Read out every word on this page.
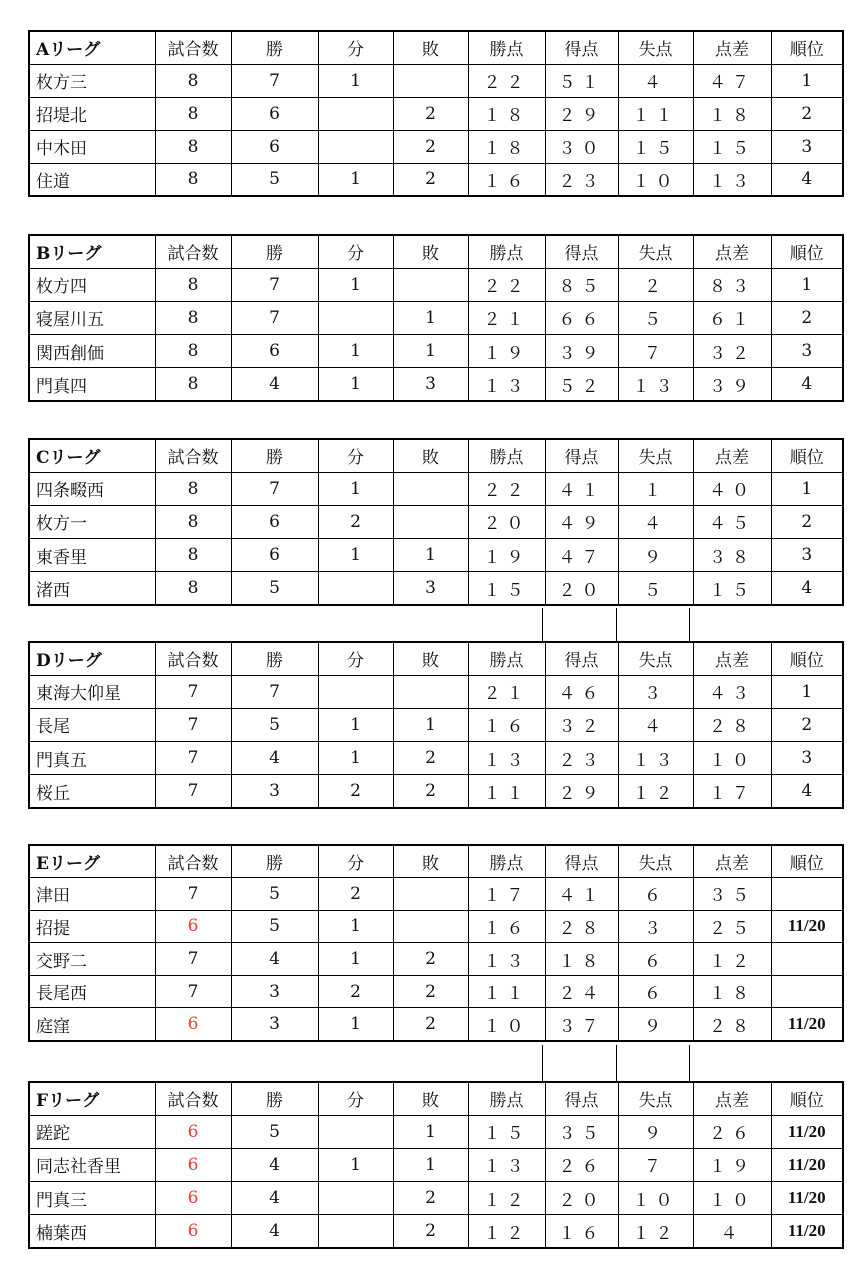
Aリーグ	試合数	勝	分	敗	勝点	得点	失点	点差	順位
枚方三	8	7	1		２２	５１	４	４７	1
招堤北	8	6		2	１８	２９	１１	１８	2
中木田	8	6		2	１８	３０	１５	１５	3
住道	8	5	1	2	１６	２３	１０	１３	4
Bリーグ	試合数	勝	分	敗	勝点	得点	失点	点差	順位
枚方四	8	7	1		２２	８５	２	８３	1
寝屋川五	8	7		1	２１	６６	５	６１	2
関西創価	8	6	1	1	１９	３９	７	３２	3
門真四	8	4	1	3	１３	５２	１３	３９	4
Cリーグ	試合数	勝	分	敗	勝点	得点	失点	点差	順位
四条畷西	8	7	1		２２	４１	１	４０	1
枚方一	8	6	2		２０	４９	４	４５	2
東香里	8	6	1	1	１９	４７	９	３８	3
渚西	8	5		3	１５	２０	５	１５	4
Dリーグ	試合数	勝	分	敗	勝点	得点	失点	点差	順位
東海大仰星	7	7			２１	４６	３	４３	1
長尾	7	5	1	1	１６	３２	４	２８	2
門真五	7	4	1	2	１３	２３	１３	１０	3
桜丘	7	3	2	2	１１	２９	１２	１７	4
Eリーグ	試合数	勝	分	敗	勝点	得点	失点	点差	順位
津田	7	5	2		１７	４１	６	３５	
招提	6	5	1		１６	２８	３	２５	11/20
交野二	7	4	1	2	１３	１８	６	１２	
長尾西	7	3	2	2	１１	２４	６	１８	
庭窪	6	3	1	2	１０	３７	９	２８	11/20
Fリーグ	試合数	勝	分	敗	勝点	得点	失点	点差	順位
蹉跎	6	5		1	１５	３５	９	２６	11/20
同志社香里	6	4	1	1	１３	２６	７	１９	11/20
門真三	6	4		2	１２	２０	１０	１０	11/20
楠葉西	6	4		2	１２	１６	１２	４	11/20
